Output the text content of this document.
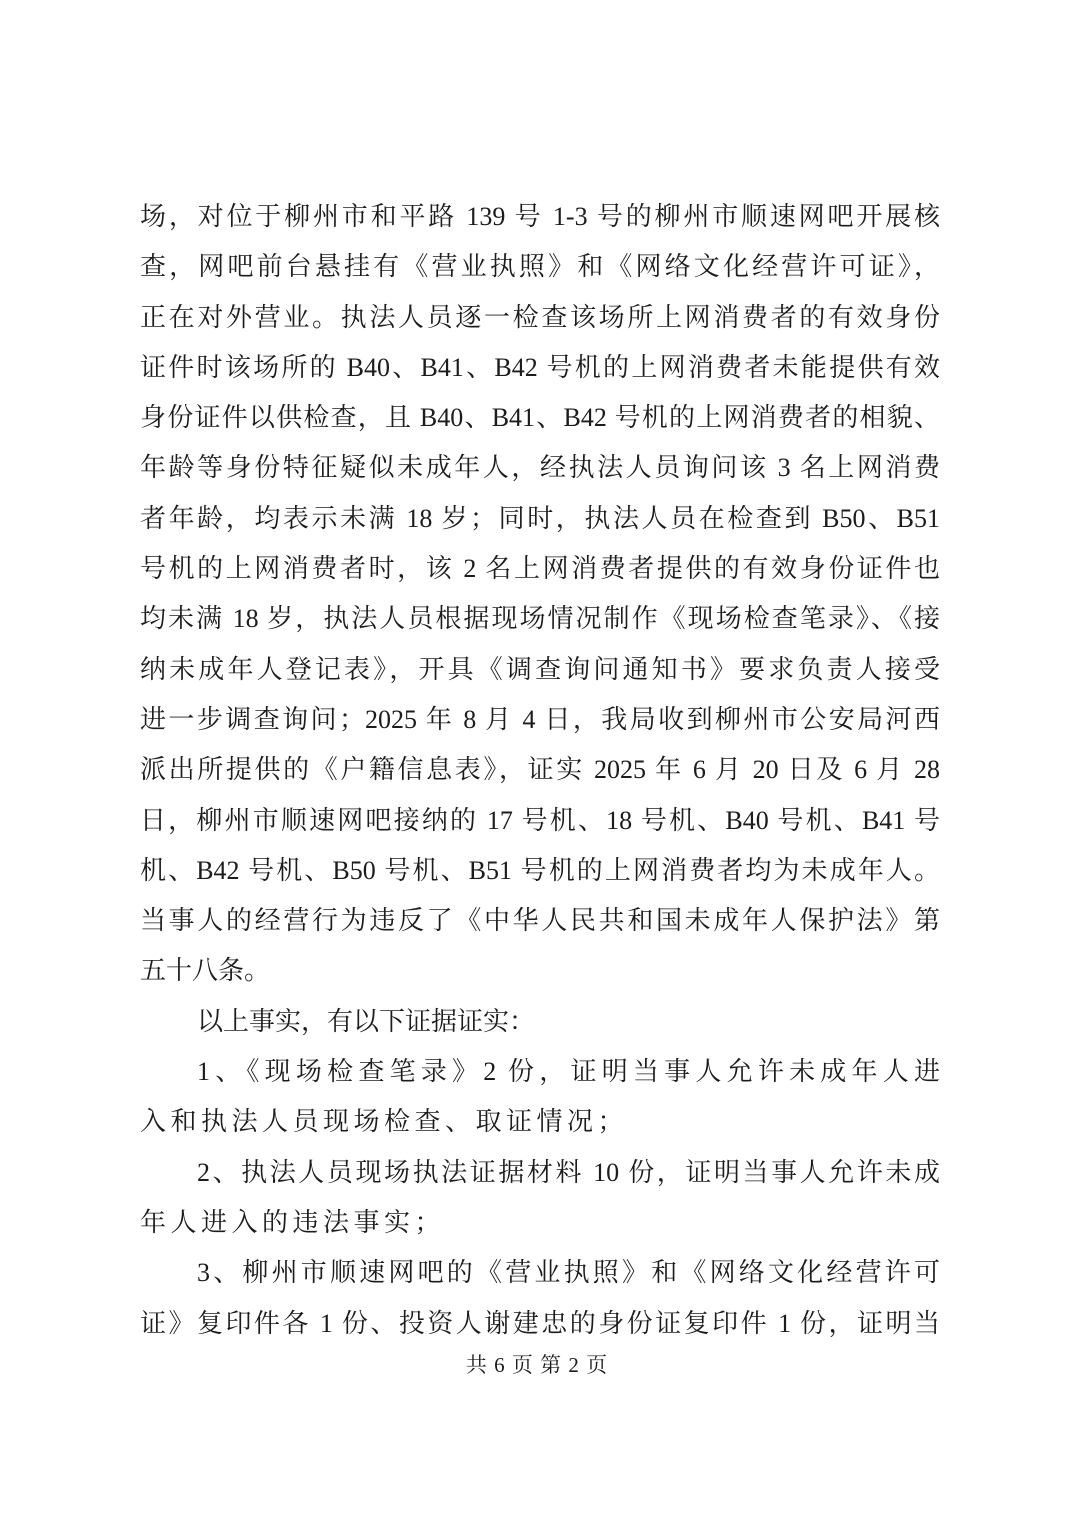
场，对位于柳州市和平路 139 号 1-3 号的柳州市顺速网吧开展核
查，网吧前台悬挂有《营业执照》和《网络文化经营许可证》，
正在对外营业。执法人员逐一检查该场所上网消费者的有效身份
证件时该场所的 B40、B41、B42 号机的上网消费者未能提供有效
身份证件以供检查，且 B40、B41、B42 号机的上网消费者的相貌、
年龄等身份特征疑似未成年人，经执法人员询问该 3 名上网消费
者年龄，均表示未满 18 岁；同时，执法人员在检查到 B50、B51
号机的上网消费者时，该 2 名上网消费者提供的有效身份证件也
均未满 18 岁，执法人员根据现场情况制作《现场检查笔录》、《接
纳未成年人登记表》，开具《调查询问通知书》要求负责人接受
进一步调查询问；2025 年 8 月 4 日，我局收到柳州市公安局河西
派出所提供的《户籍信息表》，证实 2025 年 6 月 20 日及 6 月 28
日，柳州市顺速网吧接纳的 17 号机、18 号机、B40 号机、B41 号
机、B42 号机、B50 号机、B51 号机的上网消费者均为未成年人。
当事人的经营行为违反了《中华人民共和国未成年人保护法》第
五十八条。
以上事实，有以下证据证实：
1、《现场检查笔录》2 份，证明当事人允许未成年人进
入和执法人员现场检查、取证情况；
2、执法人员现场执法证据材料 10 份，证明当事人允许未成
年人进入的违法事实；
3、柳州市顺速网吧的《营业执照》和《网络文化经营许可
证》复印件各 1 份、投资人谢建忠的身份证复印件 1 份，证明当
共 6 页 第 2 页
